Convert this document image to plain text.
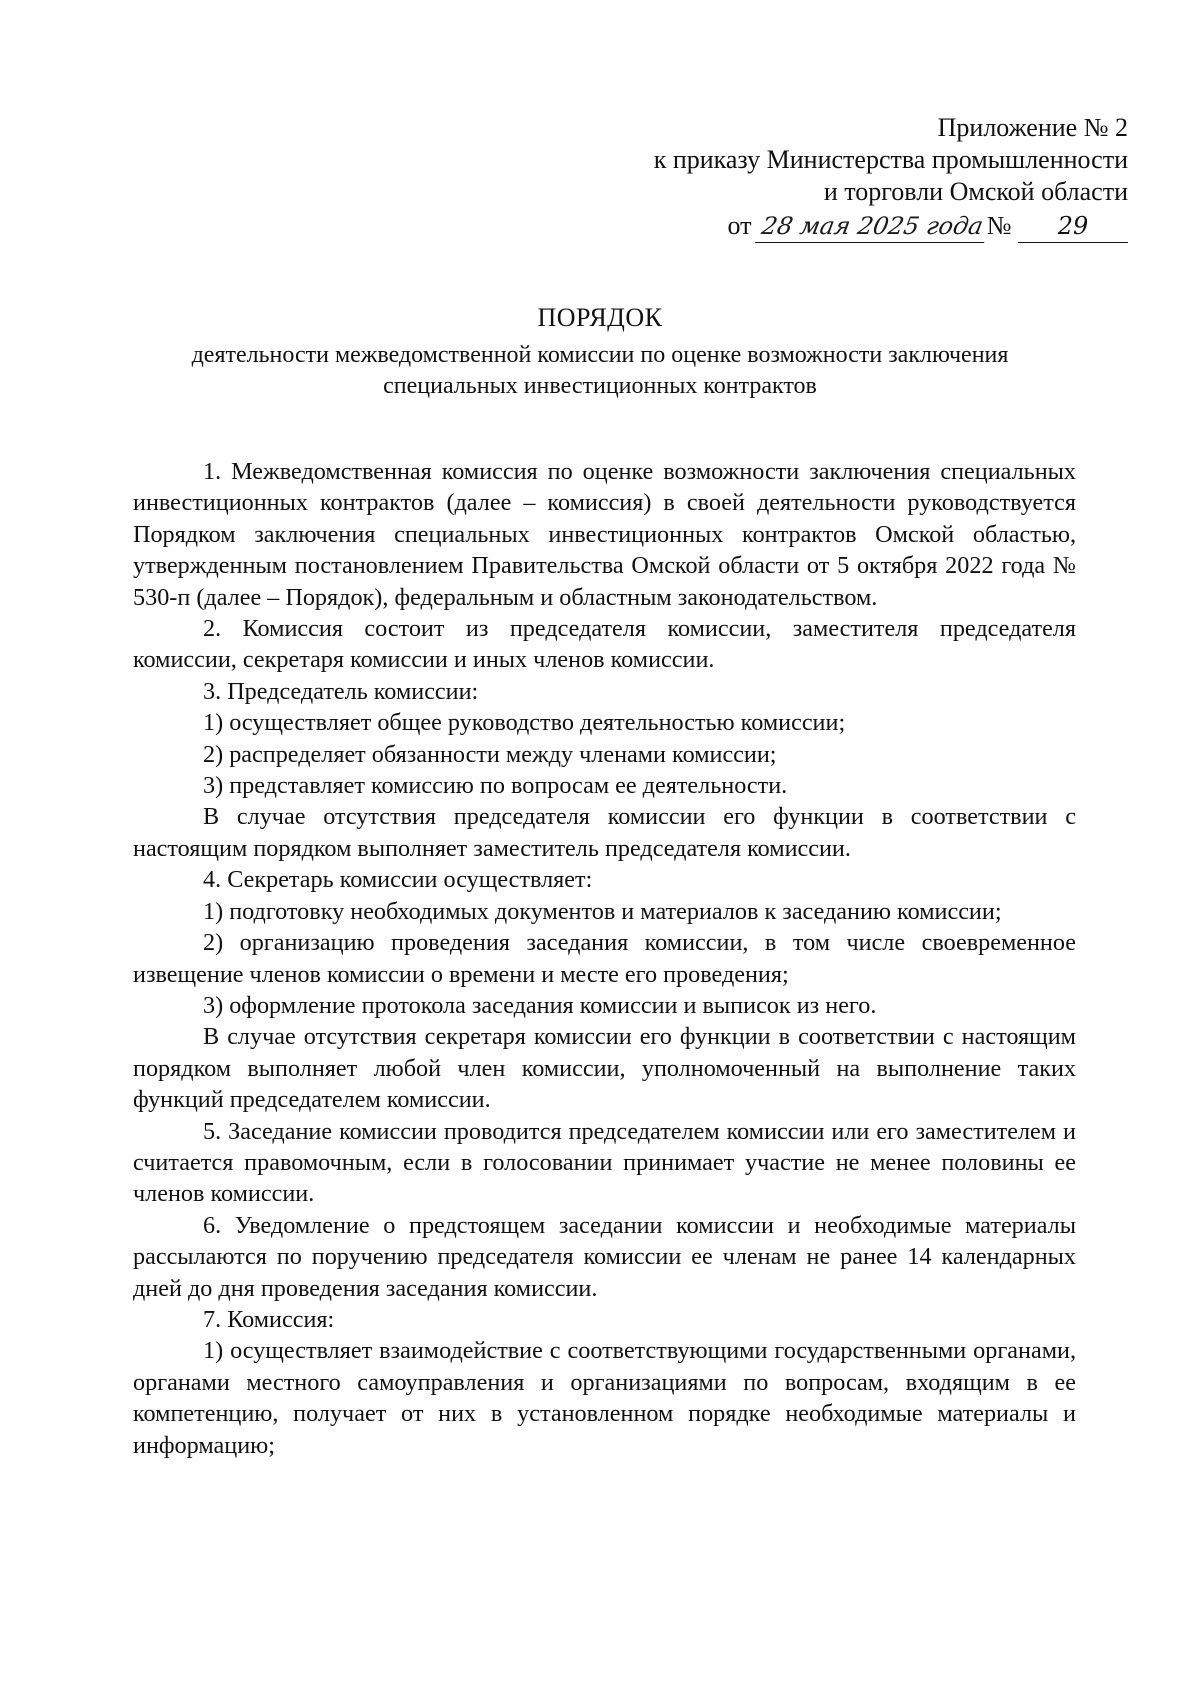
Приложение № 2
к приказу Министерства промышленности
и торговли Омской области
от 28 мая 2025 года№ 29
ПОРЯДОК
деятельности межведомственной комиссии по оценке возможности заключения
специальных инвестиционных контрактов

1. Межведомственная комиссия по оценке возможности заключения специальных инвестиционных контрактов (далее – комиссия) в своей деятельности руководствуется Порядком заключения специальных инвестиционных контрактов Омской областью, утвержденным постановлением Правительства Омской области от 5 октября 2022 года № 530-п (далее – Порядок), федеральным и областным законодательством.

2. Комиссия состоит из председателя комиссии, заместителя председателя комиссии, секретаря комиссии и иных членов комиссии.

3. Председатель комиссии:

1) осуществляет общее руководство деятельностью комиссии;

2) распределяет обязанности между членами комиссии;

3) представляет комиссию по вопросам ее деятельности.

В случае отсутствия председателя комиссии его функции в соответствии с настоящим порядком выполняет заместитель председателя комиссии.

4. Секретарь комиссии осуществляет:

1) подготовку необходимых документов и материалов к заседанию комиссии;

2) организацию проведения заседания комиссии, в том числе своевременное извещение членов комиссии о времени и месте его проведения;

3) оформление протокола заседания комиссии и выписок из него.

В случае отсутствия секретаря комиссии его функции в соответствии с настоящим порядком выполняет любой член комиссии, уполномоченный на выполнение таких функций председателем комиссии.

5. Заседание комиссии проводится председателем комиссии или его заместителем и считается правомочным, если в голосовании принимает участие не менее половины ее членов комиссии.

6. Уведомление о предстоящем заседании комиссии и необходимые материалы рассылаются по поручению председателя комиссии ее членам не ранее 14 календарных дней до дня проведения заседания комиссии.

7. Комиссия:

1) осуществляет взаимодействие с соответствующими государственными органами, органами местного самоуправления и организациями по вопросам, входящим в ее компетенцию, получает от них в установленном порядке необходимые материалы и информацию;
